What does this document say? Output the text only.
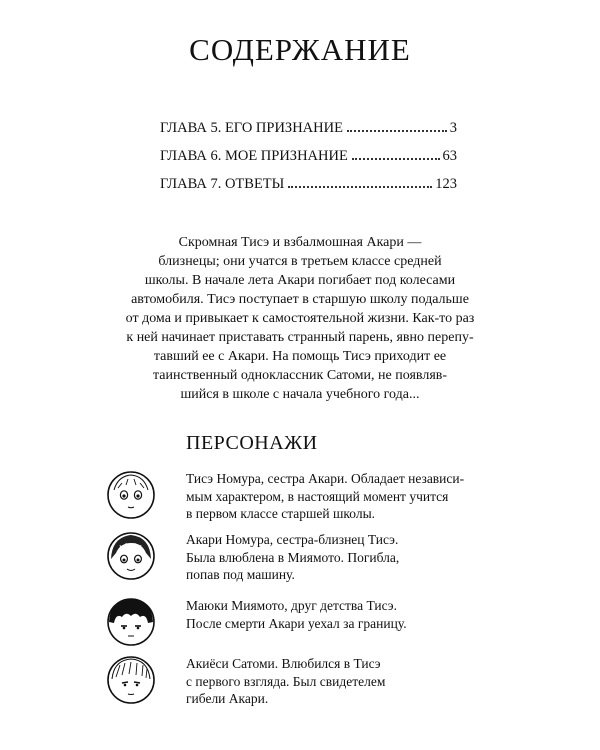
СОДЕРЖАНИЕ
ГЛАВА 5. ЕГО ПРИЗНАНИЕ	3
ГЛАВА 6. МОЕ ПРИЗНАНИЕ	63
ГЛАВА 7. ОТВЕТЫ	123
Скромная Тисэ и взбалмошная Акари —
близнецы; они учатся в третьем классе средней
школы. В начале лета Акари погибает под колесами
автомобиля. Тисэ поступает в старшую школу подальше
от дома и привыкает к самостоятельной жизни. Как-то раз
к ней начинает приставать странный парень, явно перепу-
тавший ее с Акари. На помощь Тисэ приходит ее
таинственный одноклассник Сатоми, не появляв-
шийся в школе с начала учебного года...
ПЕРСОНАЖИ
Тисэ Номура, сестра Акари. Обладает независи-
мым характером, в настоящий момент учится
в первом классе старшей школы.
Акари Номура, сестра-близнец Тисэ.
Была влюблена в Миямото. Погибла,
попав под машину.
Маюки Миямото, друг детства Тисэ.
После смерти Акари уехал за границу.
Акиёси Сатоми. Влюбился в Тисэ
с первого взгляда. Был свидетелем
гибели Акари.
